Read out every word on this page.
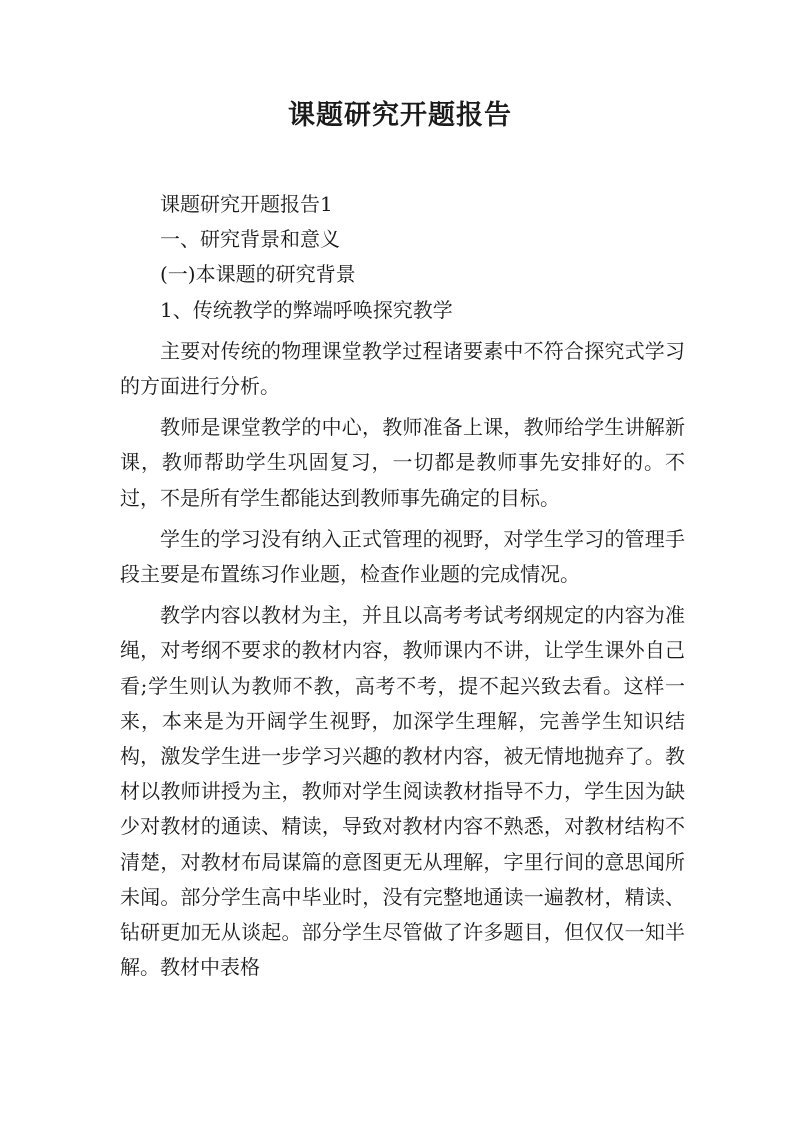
课题研究开题报告

课题研究开题报告1

一、研究背景和意义

(一)本课题的研究背景

1、传统教学的弊端呼唤探究教学

主要对传统的物理课堂教学过程诸要素中不符合探究式学习的方面进行分析。

教师是课堂教学的中心，教师准备上课，教师给学生讲解新课，教师帮助学生巩固复习，一切都是教师事先安排好的。不过，不是所有学生都能达到教师事先确定的目标。

学生的学习没有纳入正式管理的视野，对学生学习的管理手段主要是布置练习作业题，检查作业题的完成情况。

教学内容以教材为主，并且以高考考试考纲规定的内容为准绳，对考纲不要求的教材内容，教师课内不讲，让学生课外自己看;学生则认为教师不教，高考不考，提不起兴致去看。这样一来，本来是为开阔学生视野，加深学生理解，完善学生知识结构，激发学生进一步学习兴趣的教材内容，被无情地抛弃了。教材以教师讲授为主，教师对学生阅读教材指导不力，学生因为缺少对教材的通读、精读，导致对教材内容不熟悉，对教材结构不清楚，对教材布局谋篇的意图更无从理解，字里行间的意思闻所未闻。部分学生高中毕业时，没有完整地通读一遍教材，精读、钻研更加无从谈起。部分学生尽管做了许多题目，但仅仅一知半解。教材中表格
